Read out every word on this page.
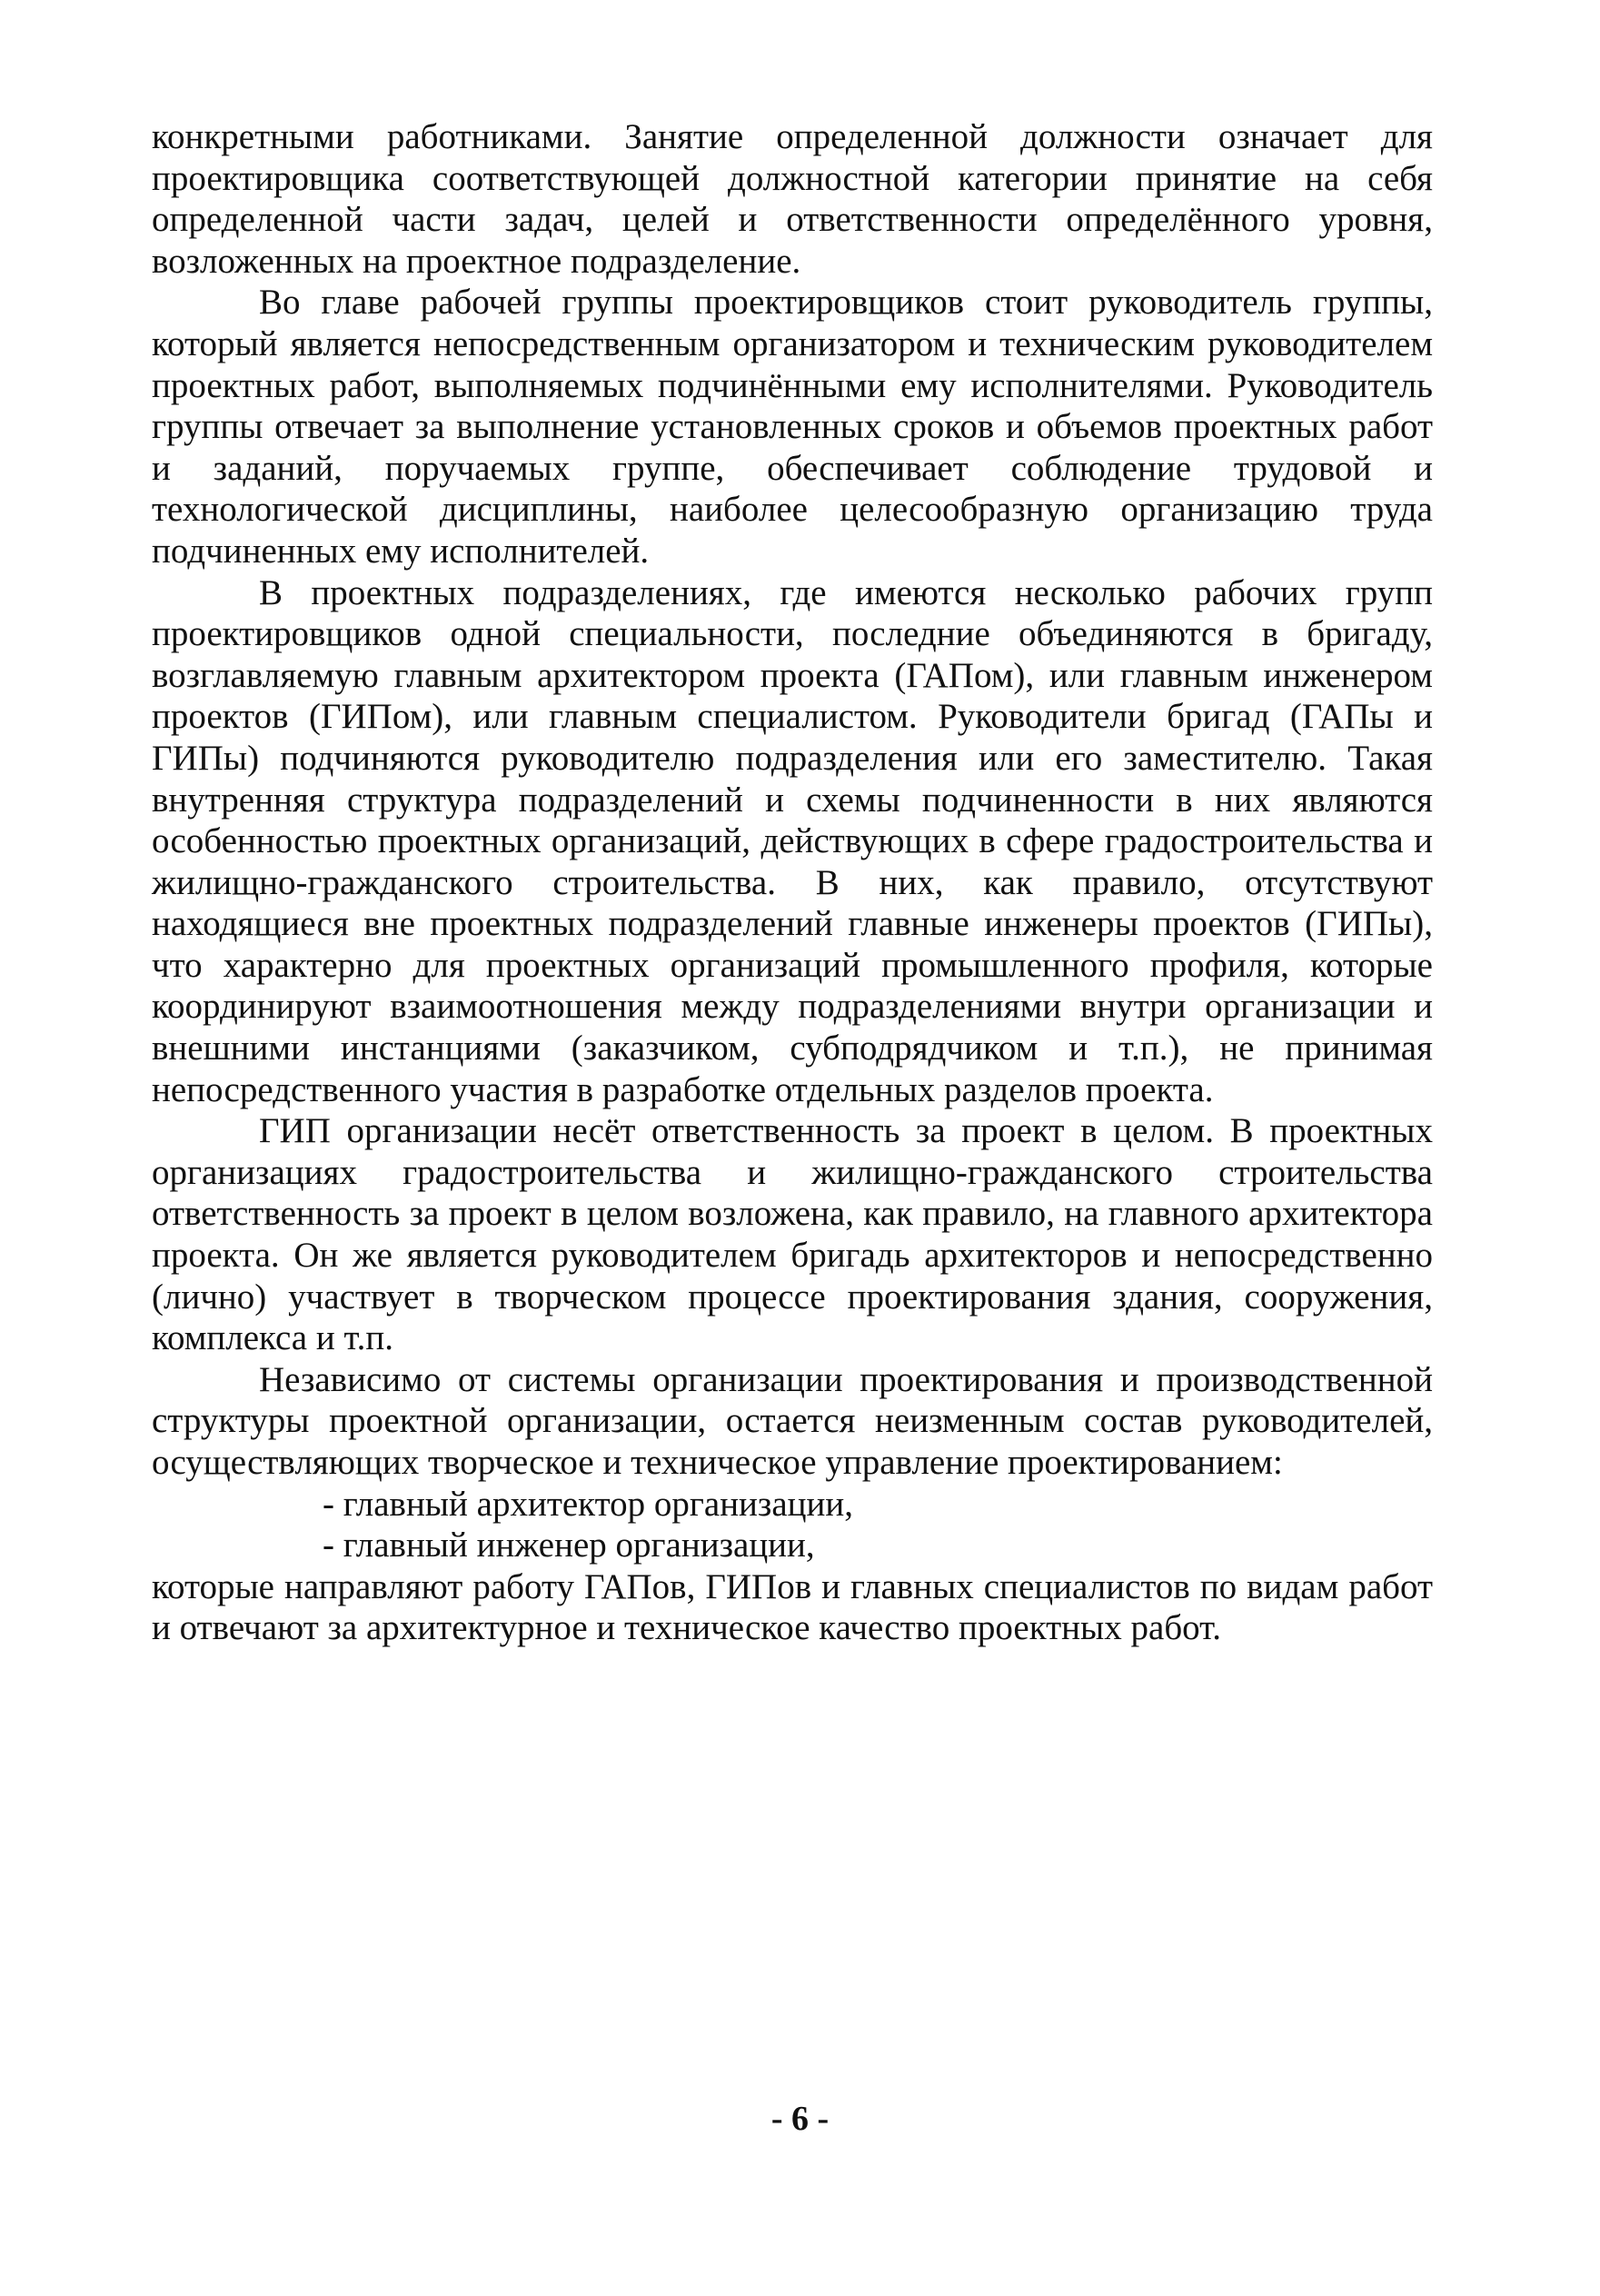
конкретными работниками. Занятие определенной должности означает для проектировщика соответствующей должностной категории принятие на себя определенной части задач, целей и ответственности определённого уровня, возложенных на проектное подразделение.

Во главе рабочей группы проектировщиков стоит руководитель группы, который является непосредственным организатором и техническим руководителем проектных работ, выполняемых подчинёнными ему исполнителями. Руководитель группы отвечает за выполнение установленных сроков и объемов проектных работ и заданий, поручаемых группе, обеспечивает соблюдение трудовой и технологической дисциплины, наиболее целесообразную организацию труда подчиненных ему исполнителей.

В проектных подразделениях, где имеются несколько рабочих групп проектировщиков одной специальности, последние объединяются в бригаду, возглавляемую главным архитектором проекта (ГАПом), или главным инженером проектов (ГИПом), или главным специалистом. Руководители бригад (ГАПы и ГИПы) подчиняются руководителю подразделения или его заместителю. Такая внутренняя структура подразделений и схемы подчиненности в них являются особенностью проектных организаций, действующих в сфере градостроительства и жилищно-гражданского строительства. В них, как правило, отсутствуют находящиеся вне проектных подразделений главные инженеры проектов (ГИПы), что характерно для проектных организаций промышленного профиля, которые координируют взаимоотношения между подразделениями внутри организации и внешними инстанциями (заказчиком, субподрядчиком и т.п.), не принимая непосредственного участия в разработке отдельных разделов проекта.

ГИП организации несёт ответственность за проект в целом. В проектных организациях градостроительства и жилищно-гражданского строительства ответственность за проект в целом возложена, как правило, на главного архитектора проекта. Он же является руководителем бригадь архитекторов и непосредственно (лично) участвует в творческом процессе проектирования здания, сооружения, комплекса и т.п.

Независимо от системы организации проектирования и производственной структуры проектной организации, остается неизменным состав руководителей, осуществляющих творческое и техническое управление проектированием:

- главный архитектор организации,

- главный инженер организации,

которые направляют работу ГАПов, ГИПов и главных специалистов по видам работ и отвечают за архитектурное и техническое качество проектных работ.

- 6 -
